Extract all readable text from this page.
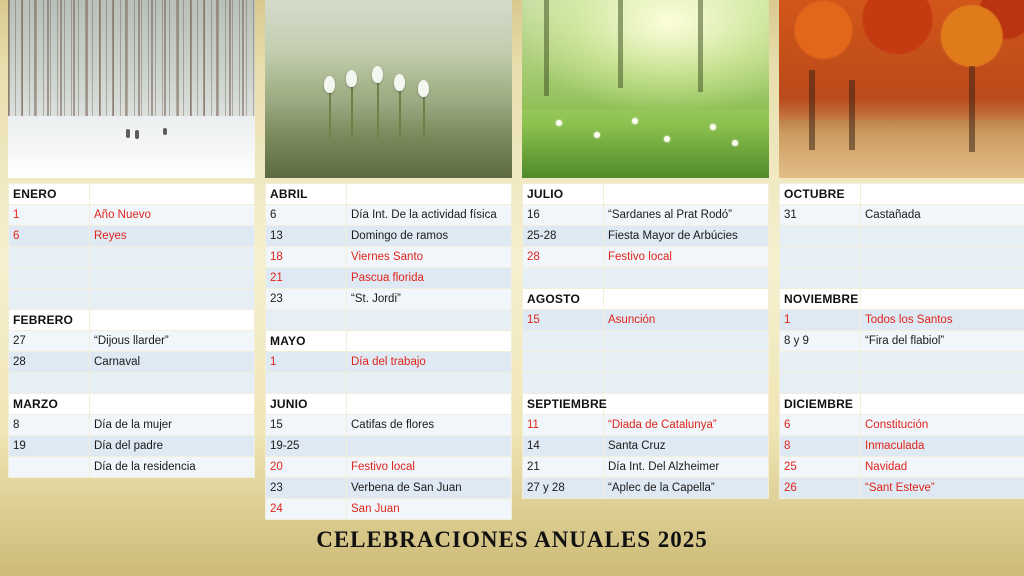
ENERO	
1	Año Nuevo
6	Reyes

FEBRERO	
27	“Dijous llarder”
28	Carnaval

MARZO	
8	Día de la mujer
19	Día del padre
	Día de la residencia
ABRIL	
6	Día Int. De la actividad física
13	Domingo de ramos
18	Viernes Santo
21	Pascua florida
23	“St. Jordi”

MAYO	
1	Día del trabajo

JUNIO	
15	Catifas de flores
19-25	
20	Festivo local
23	Verbena de San Juan
24	San Juan
JULIO	
16	“Sardanes al Prat Rodó”
25-28	Fiesta Mayor de Arbúcies
28	Festivo local

AGOSTO	
15	Asunción

SEPTIEMBRE	
11	“Diada de Catalunya”
14	Santa Cruz
21	Día Int. Del Alzheimer
27 y 28	“Aplec de la Capella”
OCTUBRE	
31	Castañada

NOVIEMBRE	
1	Todos los Santos
8 y 9	“Fira del flabiol”

DICIEMBRE	
6	Constitución
8	Inmaculada
25	Navidad
26	“Sant Esteve”
CELEBRACIONES ANUALES 2025
